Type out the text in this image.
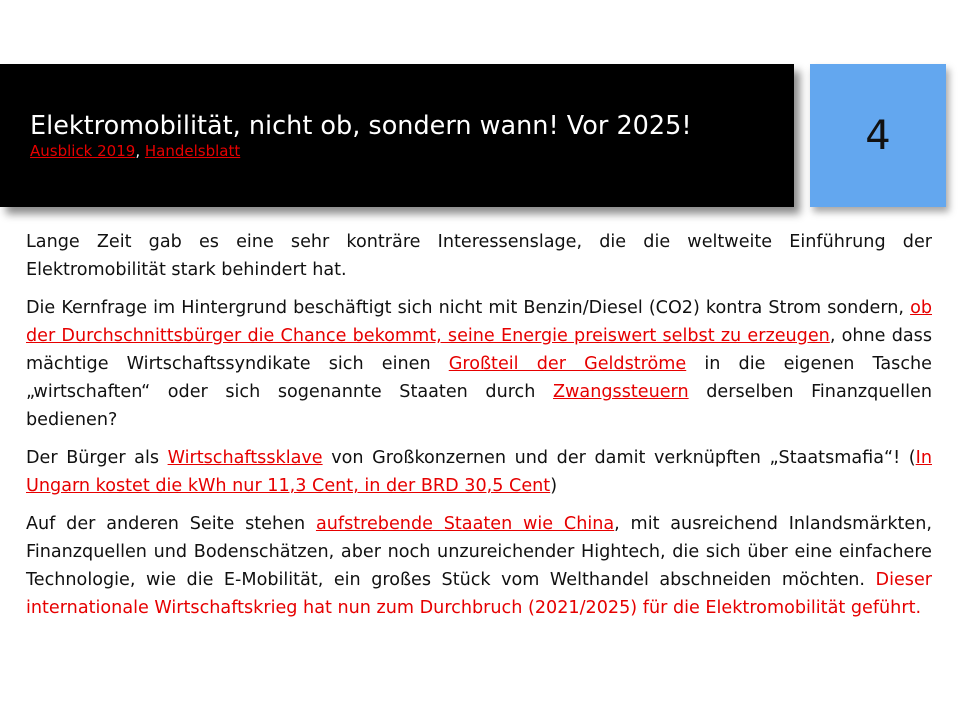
Elektromobilität, nicht ob, sondern wann! Vor 2025!
Ausblick 2019, Handelsblatt	4

Lange Zeit gab es eine sehr konträre Interessenslage, die die weltweite Einführung der Elektromobilität stark behindert hat.

Die Kernfrage im Hintergrund beschäftigt sich nicht mit Benzin/Diesel (CO2) kontra Strom sondern, ob der Durchschnittsbürger die Chance bekommt, seine Energie preiswert selbst zu erzeugen, ohne dass mächtige Wirtschaftssyndikate sich einen Großteil der Geldströme in die eigenen Tasche „wirtschaften“ oder sich sogenannte Staaten durch Zwangssteuern derselben Finanzquellen bedienen?

Der Bürger als Wirtschaftssklave von Großkonzernen und der damit verknüpften „Staatsmafia“! (In Ungarn kostet die kWh nur 11,3 Cent, in der BRD 30,5 Cent)

Auf der anderen Seite stehen aufstrebende Staaten wie China, mit ausreichend Inlandsmärkten, Finanzquellen und Bodenschätzen, aber noch unzureichender Hightech, die sich über eine einfachere Technologie, wie die E-Mobilität, ein großes Stück vom Welthandel abschneiden möchten. Dieser internationale Wirtschaftskrieg hat nun zum Durchbruch (2021/2025) für die Elektromobilität geführt.
